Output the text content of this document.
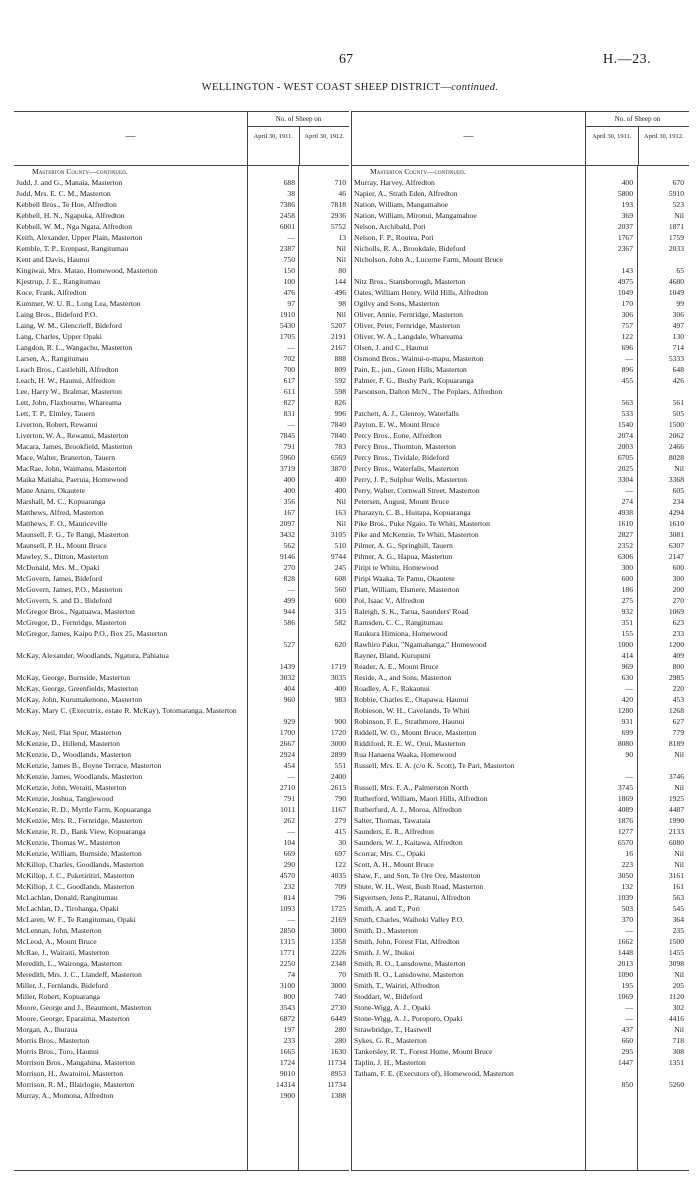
67	H.—23.
WELLINGTON - WEST COAST SHEEP DISTRICT—continued.
—
No. of Sheep on
April 30, 1911.	April 30, 1912.
Masterton County—continued.
Judd, J. and G., Manaia, Masterton	688	710
Judd, Mrs. E. C. M., Masterton	38	46
Kebbell Bros., Te Hoe, Alfredton	7386	7818
Kebbell, H. N., Ngapuka, Alfredton	2458	2936
Kebbell, W. M., Nga Ngata, Alfredton	6001	5752
Keith, Alexander, Upper Plain, Masterton	—	13
Kemble, T. P., Erenpast, Rangitumau	2387	Nil
Kent and Davis, Haunui	750	Nil
Kingiwai, Mrs. Matao, Homewood, Masterton	150	80
Kjestrup, J. E., Rangitumau	100	144
Koce, Frank, Alfredton	476	496
Kummer, W. U. R., Long Lea, Masterton	97	98
Laing Bros., Bideford P.O.	1910	Nil
Laing, W. M., Glencrieff, Bideford	5430	5207
Lang, Charles, Upper Opaki	1705	2191
Langdon, R. L., Wangachu, Masterton	—	2167
Larsen, A., Rangitumau	702	888
Leach Bros., Castlehill, Alfredton	700	809
Leach, H. W., Haunui, Alfredton	617	592
Lee, Harry W., Bralmar, Masterton	611	598
Lett, John, Flaxbourne, Whareama	827	826
Lett, T. P., Elmley, Tauern	831	996
Liverton, Robert, Rewanui	—	7840
Liverton, W. A., Rewanui, Masterton	7845	7840
Macara, James, Brookfield, Masterton	791	783
Mace, Walter, Branerton, Tauern	5960	6569
MacRae, John, Waimanu, Masterton	3719	3870
Maika Matiaha, Paeruia, Homewood	400	400
Mane Anaru, Okautete	400	400
Marshall, M. C., Kopuaranga	356	Nil
Matthews, Alfred, Masterton	167	163
Matthews, F. O., Mauriceville	2097	Nil
Maunsell, F. G., Te Rangi, Masterton	3432	3105
Maunsell, P. H., Mount Bruce	562	510
Mawley, S., Ditton, Masterton	9146	9744
McDonald, Mrs. M., Opaki	270	245
McGovern, James, Bideford	828	608
McGovern, James, P.O., Masterton	—	560
McGovern, S. and D., Bideford	499	600
McGregor Bros., Ngatuawa, Masterton	944	315
McGregor, D., Fernridge, Masterton	586	582
McGregor, James, Kaipo P.O., Box 25, Masterton
527	620
McKay, Alexander, Woodlands, Ngatura, Pahiatua
1439	1719
McKay, George, Burnside, Masterton	3032	3035
McKay, George, Greenfields, Masterton	404	400
McKay, John, Kurumakenono, Masterton	960	983
McKay, Mary C. (Executrix, estate R. McKay), Totomaranga, Masterton
929	900
McKay, Neil, Flat Spur, Masterton	1700	1720
McKenzie, D., Hillend, Masterton	2667	3000
McKenzie, D., Woodlands, Masterton	2924	2899
McKenzie, James B., Boyne Terrace, Masterton	454	551
McKenzie, James, Woodlands, Masterton	—	2400
McKenzie, John, Weraiti, Masterton	2710	2615
McKenzie, Joshua, Tanglewood	791	790
McKenzie, R. D., Myrtle Farm, Kopuaranga	1011	1167
McKenzie, Mrs. R., Fernridge, Masterton	262	279
McKenzie, R. D., Bank View, Kopuaranga	—	415
McKenzie, Thomas W., Masterton	104	30
McKenzie, William, Burnside, Masterton	669	697
McKillop, Charles, Goodlands, Masterton	290	122
McKillop, J. C., Puketiritiri, Masterton	4570	4035
McKillop, J. C., Goodlands, Masterton	232	709
McLachlan, Donald, Rangitumau	814	796
McLachlan, D., Tirohanga, Opaki	1093	1725
McLaren, W. F., Te Rangitumau, Opaki	—	2169
McLennan, John, Masterton	2850	3000
McLeod, A., Mount Bruce	1315	1358
McRae, J., Wairaiti, Masterton	1771	2226
Meredith, L., Waironga, Masterton	2250	2348
Meredith, Mrs. J. C., Llandeff, Masterton	74	70
Miller, J., Fernlands, Bideford	3100	3000
Miller, Robert, Kopuaranga	800	740
Moore, George and J., Beaumont, Masterton	3543	2730
Moore, George, Eparaima, Masterton	6872	6449
Morgan, A., Ihuraua	197	280
Morris Bros., Masterton	233	280
Morris Bros., Toro, Haunui	1665	1630
Morrison Bros., Mangahina, Masterton	1724	11734
Morrison, H., Awatoitoi, Masterton	9010	8953
Morrison, R. M., Blairlogie, Masterton	14314	11734
Murray, A., Momona, Alfredton	1900	1388
—
No. of Sheep on
April 30, 1911.	April 30, 1912.
Masterton County—continued.
Murray, Harvey, Alfredton	400	670
Napier, A., Strath Eden, Alfredton	5800	5910
Nation, William, Mangamahoe	193	523
Nation, William, Mironui, Mangamahoe	369	Nil
Nelson, Archibald, Pori	2037	1871
Nelson, F. P., Routea, Pori	1767	1759
Nicholls, R. A., Brookdale, Bideford	2367	2033
Nicholson, John A., Lucerne Farm, Mount Bruce
143	65
Nitz Bros., Stansborough, Masterton	4975	4680
Oates, William Henry, Wild Hills, Alfredton	1049	1049
Ogilvy and Sons, Masterton	170	99
Oliver, Annie, Fernridge, Masterton	306	306
Oliver, Peter, Fernridge, Masterton	757	497
Oliver, W. A., Langdale, Whareama	122	130
Olsen, J. and C., Haunui	696	714
Osmond Bros., Wainui-o-mapu, Masterton	—	5333
Pain, E., jun., Green Hills, Masterton	896	648
Palmer, F. G., Bushy Park, Kopuaranga	455	426
Parsonson, Dalton McN., The Poplars, Alfredton
563	561
Patchett, A. J., Glenroy, Waterfalls	533	505
Payton, E. W., Mount Bruce	1540	1500
Percy Bros., Eone, Alfredton	2074	2062
Percy Bros., Thornton, Masterton	2003	2466
Percy Bros., Tividale, Bideford	6705	8028
Percy Bros., Waterfalls, Masterton	2025	Nil
Perry, J. P., Sulphur Wells, Masterton	3304	3368
Perry, Walter, Cornwall Street, Masterton	—	605
Petersen, August, Mount Bruce	274	234
Pharazyn, C. B., Huitapa, Kopuaranga	4938	4294
Pike Bros., Puke Ngaio, Te Whiti, Masterton	1610	1610
Pike and McKenzie, Te Whiti, Masterton	2827	3081
Pilmer, A. G., Springhill, Tauern	2352	6307
Pilmer, A. G., Hapua, Masterton	6306	2147
Piripi te Whitu, Homewood	300	600
Piripi Waaka, Te Pamu, Okautete	600	300
Platt, William, Elsmere, Masterton	186	200
Pol, Isaac V., Alfredton	275	270
Raleigh, S. K., Tarua, Saunders' Road	932	1069
Ramsden, C. C., Rangitumau	351	623
Raukura Himiona, Homewood	155	233
Rawhiro Paku, "Ngamahanga," Homewood	1000	1200
Rayner, Bland, Kurupuni	414	409
Reader, A. E., Mount Bruce	969	800
Reside, A., and Sons, Masterton	630	2985
Roadley, A. F., Rakaunui	—	220
Robbie, Charles E., Otapawa, Haunui	420	453
Robieson, W. H., Cavelands, Te Whiti	1280	1268
Robinson, F. E., Strathmore, Haunui	931	627
Riddell, W. O., Mount Bruce, Masterton	699	779
Riddiford, R. E. W., Orui, Masterton	8080	8189
Rua Hanaena Waaka, Homewood	90	Nil
Russell, Mrs. E. A. (c/o K. Scott), Te Pari, Masterton
—	3746
Russell, Mrs. F. A., Palmerston North	3745	Nil
Rutherford, William, Maori Hills, Alfredton	1869	1925
Rutherfurd, A. J., Moroa, Alfredton	4089	4487
Salter, Thomas, Tawataia	1876	1990
Saunders, E. R., Alfredton	1277	2133
Saunders, W. J., Kaitawa, Alfredton	6570	6080
Scorrar, Mrs. C., Opaki	16	Nil
Scott, A. H., Mount Bruce	223	Nil
Shaw, F., and Son, Te Ore Ore, Masterton	3050	3161
Shute, W. H., West, Bush Road, Masterton	132	161
Sigvertsen, Jens P., Ratanui, Alfredton	1039	563
Smith, A. and T., Pori	503	545
Smith, Charles, Waihoki Valley P.O.	370	364
Smith, D., Masterton	—	235
Smith, John, Forest Flat, Alfredton	1662	1500
Smith, J. W., Ihukoi	1448	1455
Smith, R. O., Lansdowne, Masterton	2013	3098
Smith R. O., Lansdowne, Masterton	1090	Nil
Smith, T., Wairiri, Alfredton	195	205
Stoddart, W., Bideford	1069	1120
Stone-Wigg, A. J., Opaki	—	302
Stone-Wigg, A. J., Poroporo, Opaki	—	4416
Strawbridge, T., Hastwell	437	Nil
Sykes, G. R., Masterton	660	718
Tankersley, R. T., Forest Home, Mount Bruce	295	308
Taplin, J. H., Masterton	1447	1351
Tatham, F. E. (Executors of), Homewood, Masterton
850	5260
